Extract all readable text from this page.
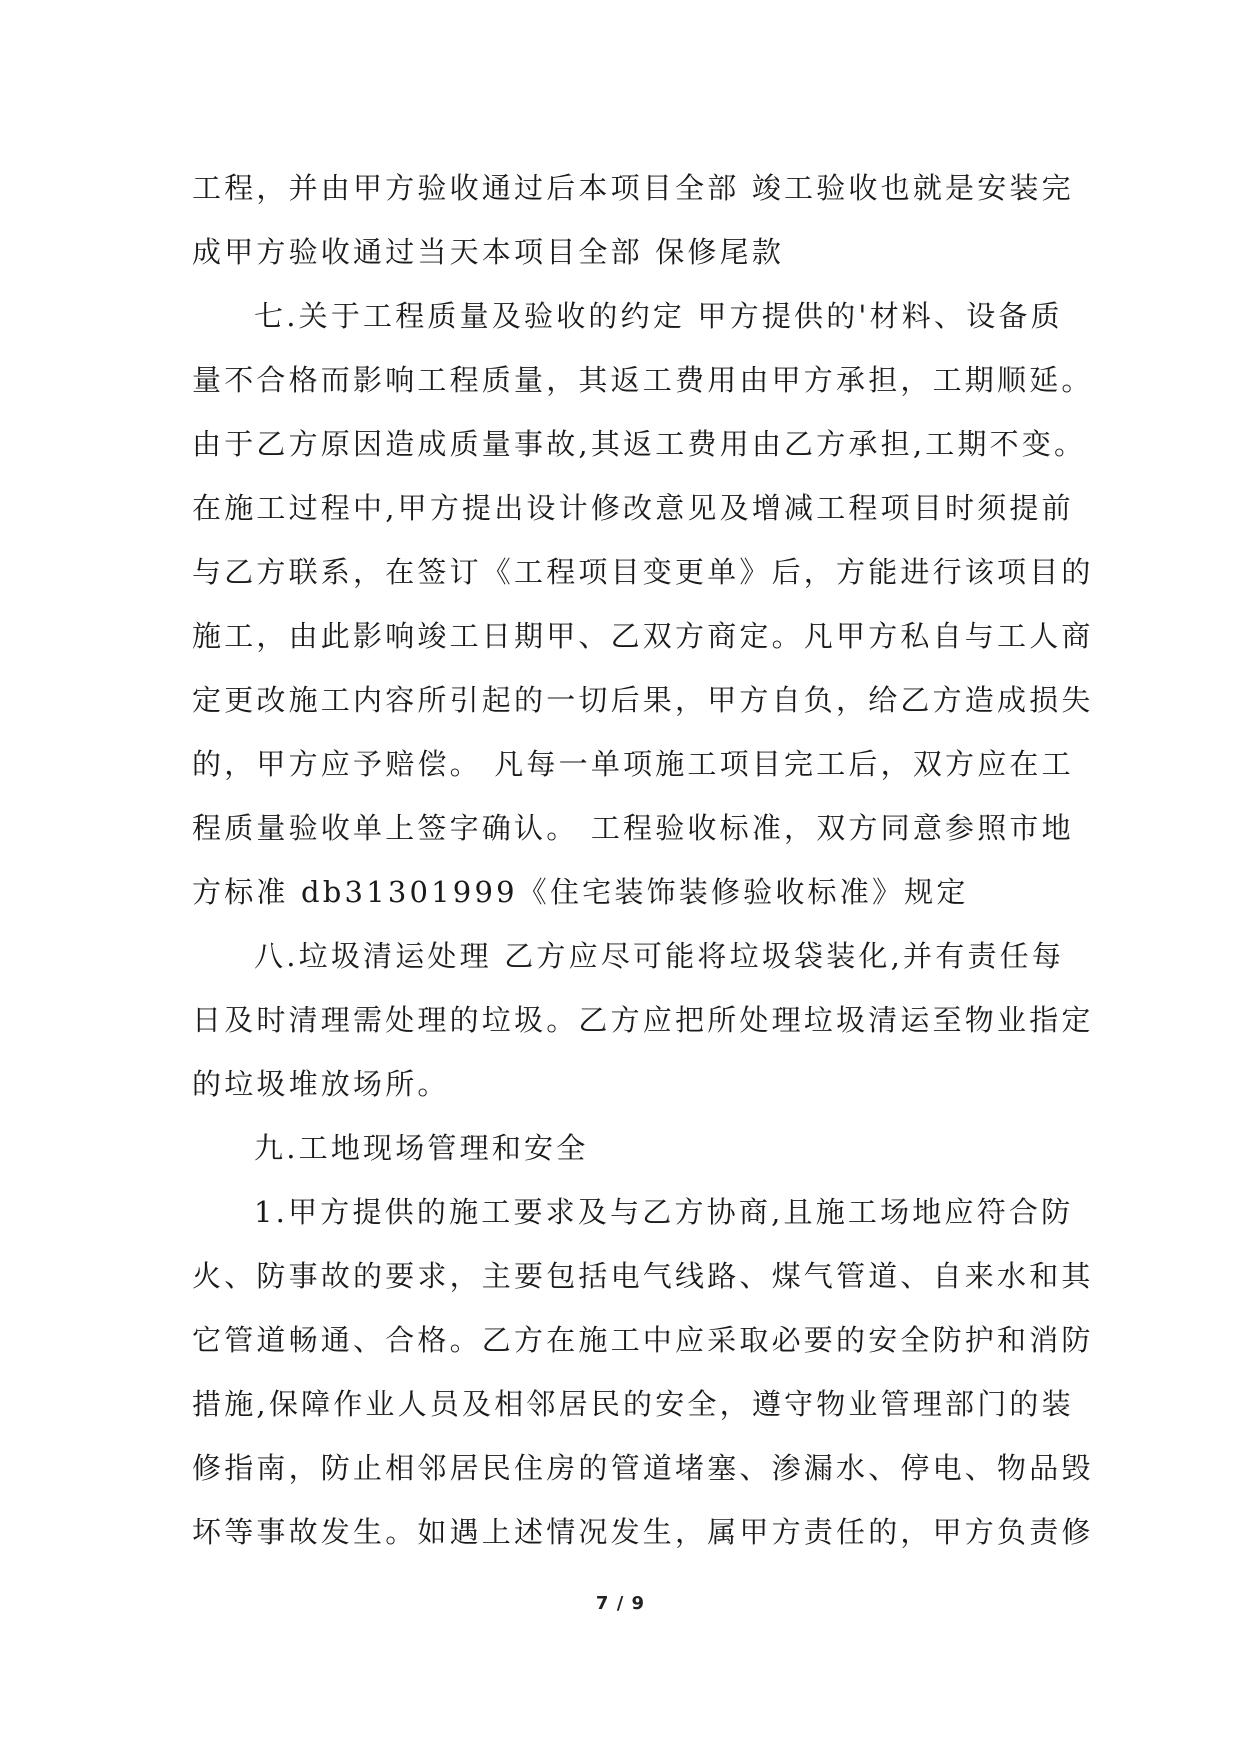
工程，并由甲方验收通过后本项目全部 竣工验收也就是安装完
成甲方验收通过当天本项目全部 保修尾款
七.关于工程质量及验收的约定 甲方提供的'材料、设备质
量不合格而影响工程质量，其返工费用由甲方承担，工期顺延。
由于乙方原因造成质量事故,其返工费用由乙方承担,工期不变。
在施工过程中,甲方提出设计修改意见及增减工程项目时须提前
与乙方联系，在签订《工程项目变更单》后，方能进行该项目的
施工，由此影响竣工日期甲、乙双方商定。凡甲方私自与工人商
定更改施工内容所引起的一切后果，甲方自负，给乙方造成损失
的，甲方应予赔偿。 凡每一单项施工项目完工后，双方应在工
程质量验收单上签字确认。 工程验收标准，双方同意参照市地
方标准 db31301999《住宅装饰装修验收标准》规定
八.垃圾清运处理 乙方应尽可能将垃圾袋装化,并有责任每
日及时清理需处理的垃圾。乙方应把所处理垃圾清运至物业指定
的垃圾堆放场所。
九.工地现场管理和安全
1.甲方提供的施工要求及与乙方协商,且施工场地应符合防
火、防事故的要求，主要包括电气线路、煤气管道、自来水和其
它管道畅通、合格。乙方在施工中应采取必要的安全防护和消防
措施,保障作业人员及相邻居民的安全，遵守物业管理部门的装
修指南，防止相邻居民住房的管道堵塞、渗漏水、停电、物品毁
坏等事故发生。如遇上述情况发生，属甲方责任的，甲方负责修
7 / 9
